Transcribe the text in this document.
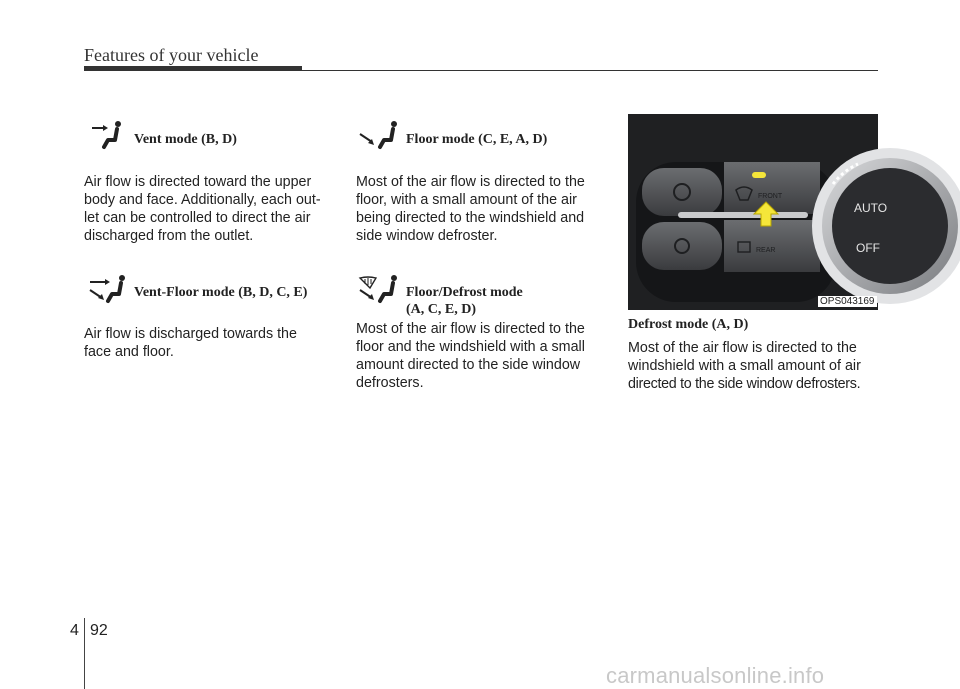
Features of your vehicle
Vent mode (B, D)

Air flow is directed toward the upper

body and face. Additionally, each out-

let can be controlled to direct the air

discharged from the outlet.

Vent-Floor mode (B, D, C, E)

Air flow is discharged towards the

face and floor.

Floor mode (C, E, A, D)

Most of the air flow is directed to the

floor, with a small amount of the air

being directed to the windshield and

side window defroster.

Floor/Defrost mode
(A, C, E, D)

Most of the air flow is directed to the

floor and the windshield with a small

amount directed to the side window

defrosters.

FRONT
REAR
AUTO
OFF
OPS043169
Defrost mode (A, D)

Most of the air flow is directed to the

windshield with a small amount of air

directed to the side window defrosters.

4 92
carmanualsonline.info
